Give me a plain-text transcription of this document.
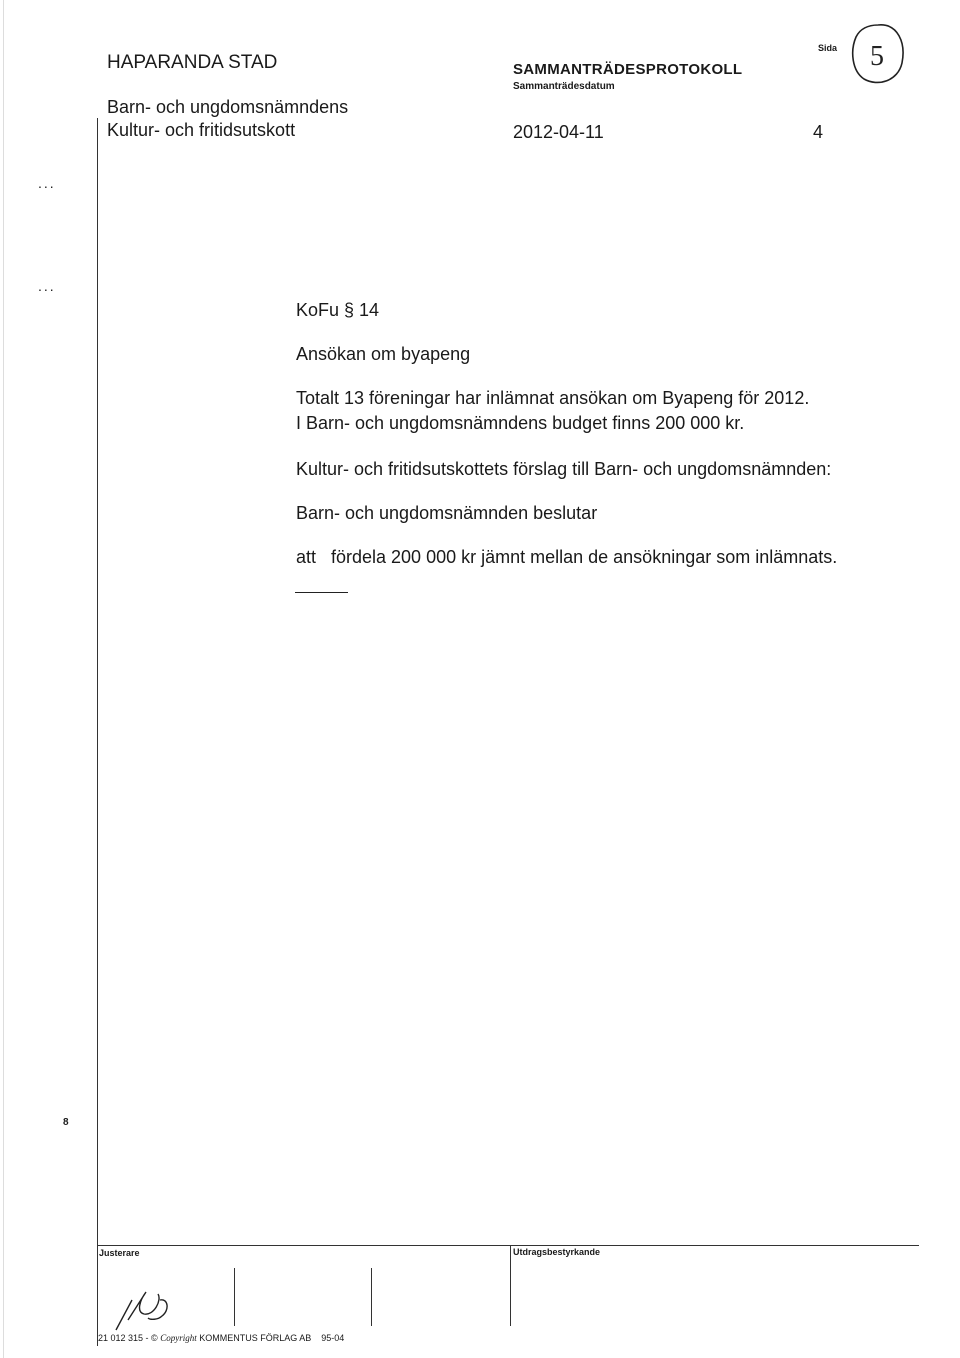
HAPARANDA STAD
Barn- och ungdomsnämndens
Kultur- och fritidsutskott
SAMMANTRÄDESPROTOKOLL
Sammanträdesdatum
2012-04-11
Sida
4
5
...
...
KoFu § 14
Ansökan om byapeng
Totalt 13 föreningar har inlämnat ansökan om Byapeng för 2012.
I Barn- och ungdomsnämndens budget finns 200 000 kr.
Kultur- och fritidsutskottets förslag till Barn- och ungdomsnämnden:
Barn- och ungdomsnämnden beslutar
att fördela 200 000 kr jämnt mellan de ansökningar som inlämnats.
8
Justerare	Utdragsbestyrkande
21 012 315 - © Copyright KOMMENTUS FÖRLAG AB 95-04
